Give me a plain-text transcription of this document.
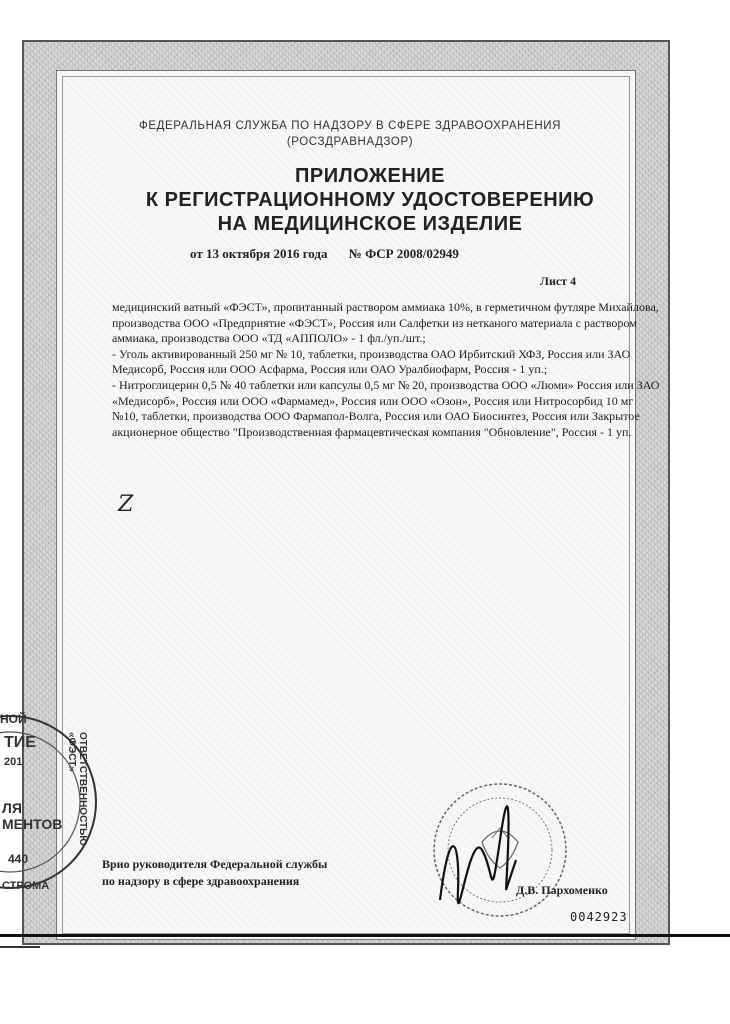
ФЕДЕРАЛЬНАЯ СЛУЖБА ПО НАДЗОРУ В СФЕРЕ ЗДРАВООХРАНЕНИЯ
(РОСЗДРАВНАДЗОР)
ПРИЛОЖЕНИЕ
К РЕГИСТРАЦИОННОМУ УДОСТОВЕРЕНИЮ
НА МЕДИЦИНСКОЕ ИЗДЕЛИЕ
от 13 октября 2016 года № ФСР 2008/02949
Лист 4

медицинский ватный «ФЭСТ», пропитанный раствором аммиака 10%, в герметичном футляре Михайлова, производства ООО «Предприятие «ФЭСТ», Россия или Салфетки из нетканого материала с раствором аммиака, производства ООО «ТД «АППОЛО» - 1 фл./уп./шт.;

- Уголь активированный 250 мг № 10, таблетки, производства ОАО Ирбитский ХФЗ, Россия или ЗАО Медисорб, Россия или ООО Асфарма, Россия или ОАО Уралбиофарм, Россия - 1 уп.;

- Нитроглицерин 0,5 № 40 таблетки или капсулы 0,5 мг № 20, производства ООО «Люми» Россия или ЗАО «Медисорб», Россия или ООО «Фармамед», Россия или ООО «Озон», Россия или Нитросорбид 10 мг №10, таблетки, производства ООО Фармапол-Волга, Россия или ОАО Биосинтез, Россия или Закрытое акционерное общество "Производственная фармацевтическая компания "Обновление", Россия - 1 уп.

Z
НОЙ
ТИЕ
201
ЛЯ
МЕНТОВ
440
СТРОМА
ОТВЕТСТВЕННОСТЬЮ «ФЭСТ»
Врио руководителя Федеральной службы
по надзору в сфере здравоохранения
Д.В. Пархоменко
0042923
